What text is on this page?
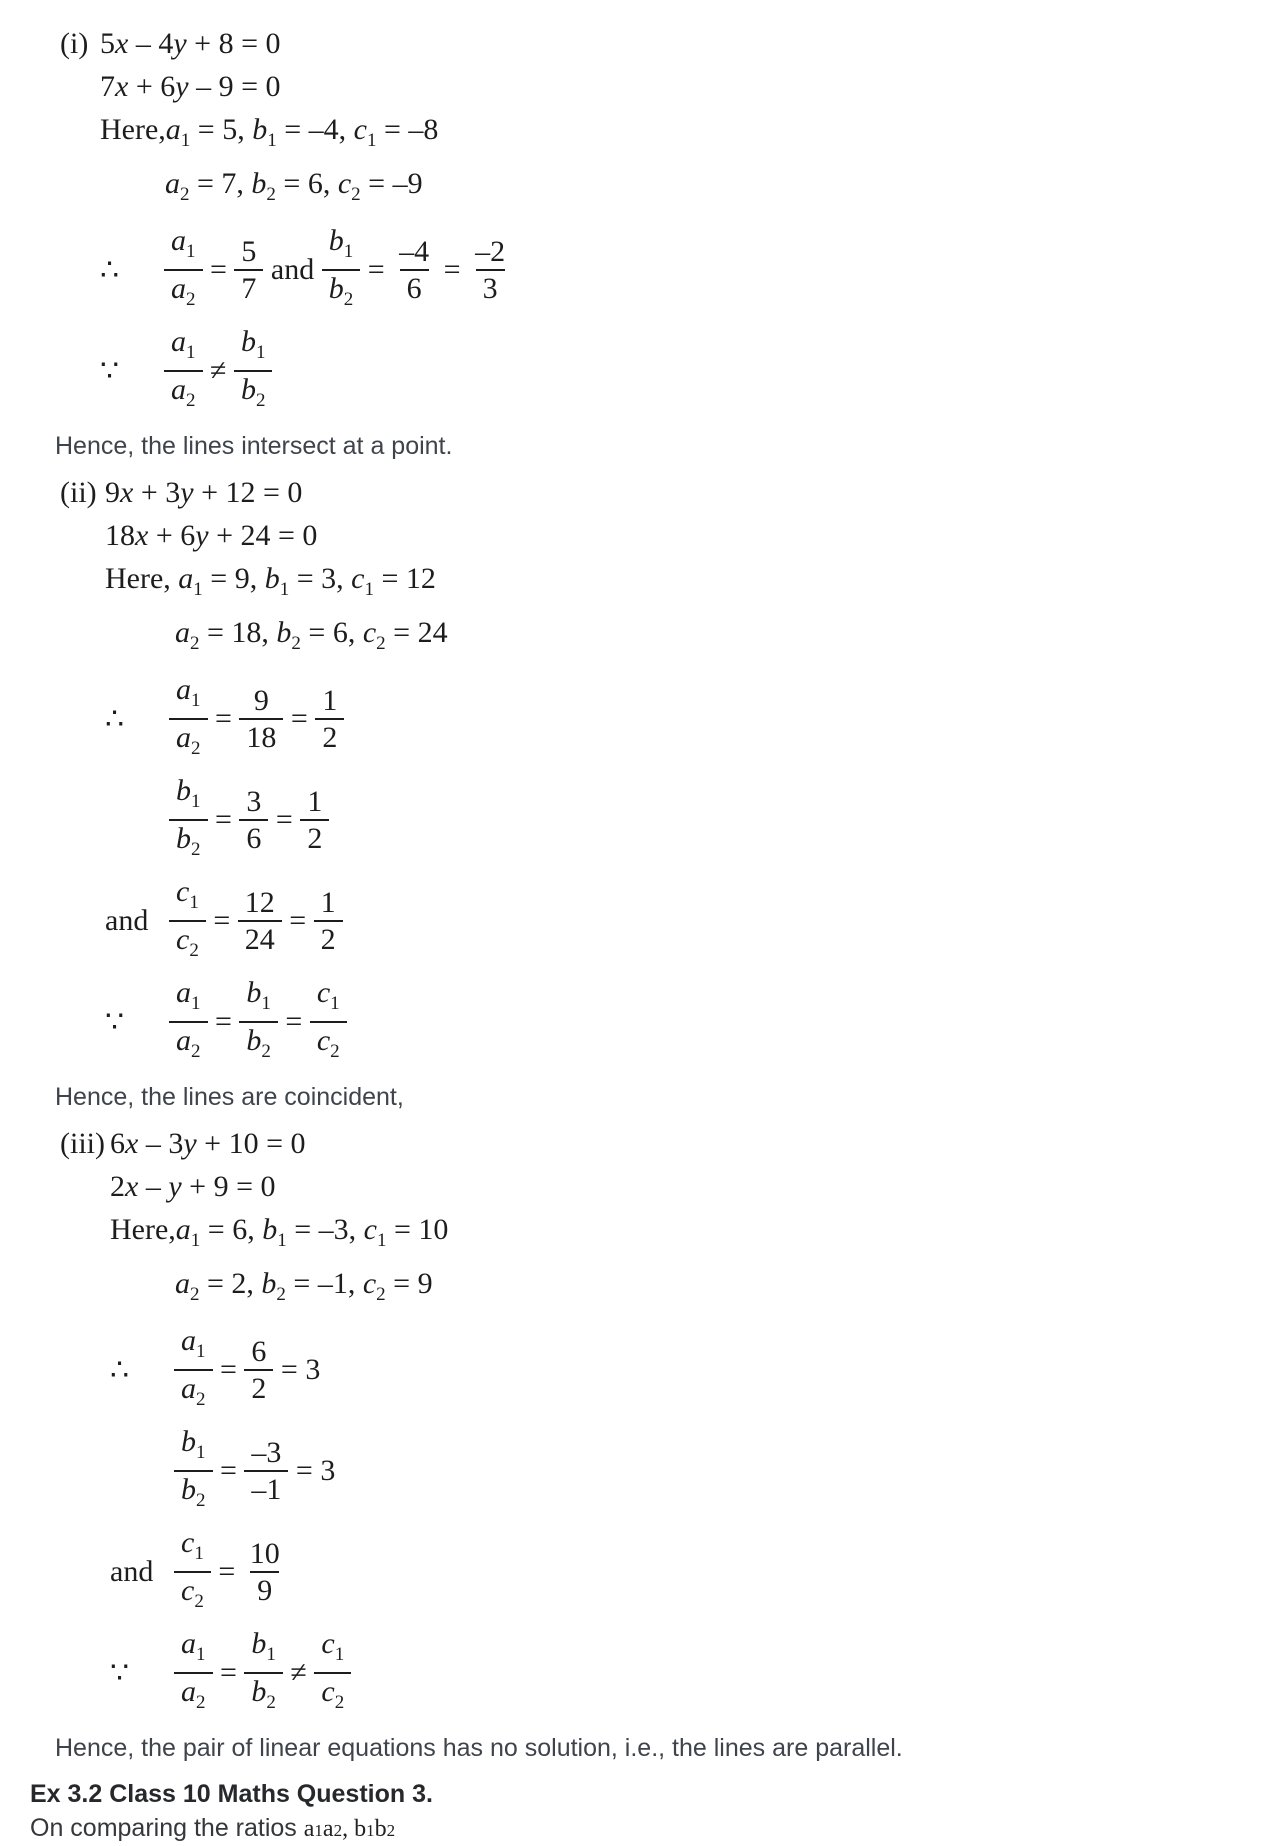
(i) 5x – 4y + 8 = 0
7x + 6y – 9 = 0
$Here,a_1 = 5$, $b_1 = -4$, $c_1 = -8$
$a_2 = 7$, $b_2 = 6$, $c_2 = -9$
∴	$\frac{a_1}{a_2} = \frac{5}{7}$ and $\frac{b_1}{b_2} = \frac{-4}{6} = \frac{-2}{3}$
∵	$\frac{a_1}{a_2} \ne \frac{b_1}{b_2}$

Hence, the lines intersect at a point.

(ii) 9x + 3y + 12 = 0
18x + 6y + 24 = 0
Here, $a_1 = 9$, $b_1 = 3$, $c_1 = 12$
$a_2 = 18$, $b_2 = 6$, $c_2 = 24$
∴	$\frac{a_1}{a_2} = \frac{9}{18} = \frac{1}{2}$
$\frac{b_1}{b_2} = \frac{3}{6} = \frac{1}{2}$
and $\frac{c_1}{c_2} = \frac{12}{24} = \frac{1}{2}$
∵	$\frac{a_1}{a_2} = \frac{b_1}{b_2} = \frac{c_1}{c_2}$

Hence, the lines are coincident,

(iii) 6x – 3y + 10 = 0
2x – y + 9 = 0
$Here,a_1 = 6$, $b_1 = -3$, $c_1 = 10$
$a_2 = 2$, $b_2 = -1$, $c_2 = 9$
∴	$\frac{a_1}{a_2} = \frac{6}{2} = 3$
$\frac{b_1}{b_2} = \frac{-3}{-1} = 3$
and $\frac{c_1}{c_2} = \frac{10}{9}$
∵	$\frac{a_1}{a_2} = \frac{b_1}{b_2} \ne \frac{c_1}{c_2}$

Hence, the pair of linear equations has no solution, i.e., the lines are parallel.

Ex 3.2 Class 10 Maths Question 3.

On comparing the ratios a1a2, b1b2
